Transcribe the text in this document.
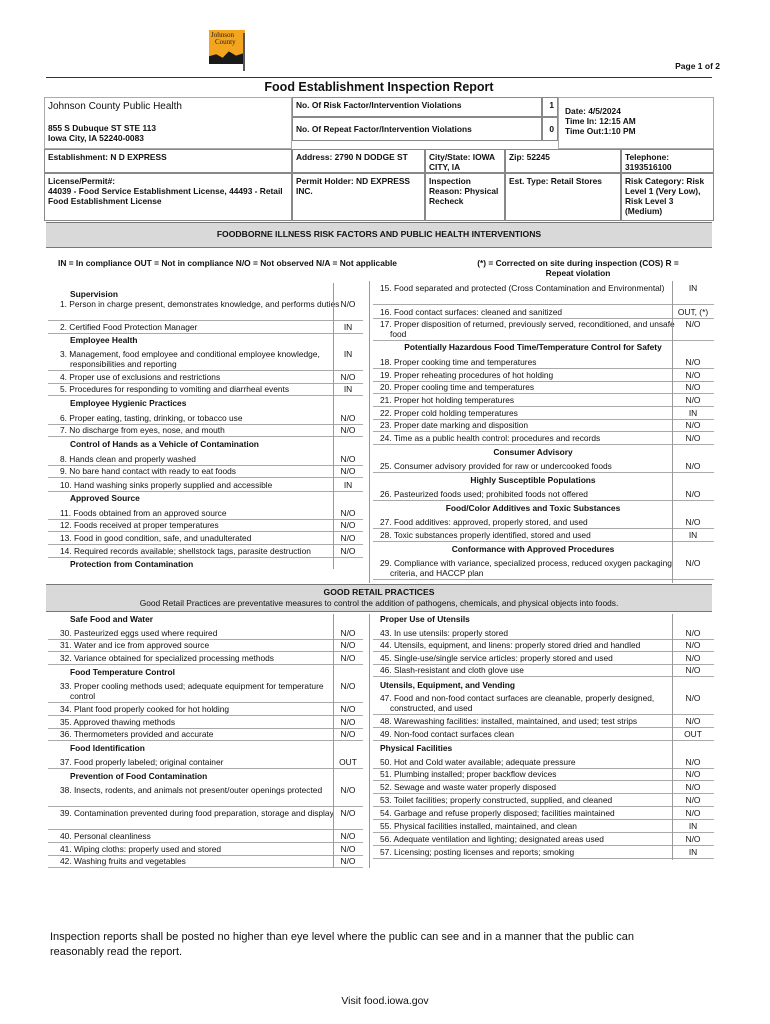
Johnson
County
Page 1 of 2
Food Establishment Inspection Report
Johnson County Public Health
855 S Dubuque ST STE 113
Iowa City, IA 52240-0083
No. Of Risk Factor/Intervention Violations	1
No. Of Repeat Factor/Intervention Violations	0
Date: 4/5/2024
Time In: 12:15 AM
Time Out:1:10 PM
Establishment: N D EXPRESS	Address: 2790 N DODGE ST	City/State: IOWA CITY, IA
Zip: 52245	Telephone: 3193516100
License/Permit#:
44039 - Food Service Establishment License, 44493 - Retail Food Establishment License
Permit Holder: ND EXPRESS INC.
Inspection Reason: Physical Recheck
Est. Type: Retail Stores	Risk Category: Risk Level 1 (Very Low), Risk Level 3 (Medium)
FOODBORNE ILLNESS RISK FACTORS AND PUBLIC HEALTH INTERVENTIONS
IN = In compliance OUT = Not in compliance N/O = Not observed N/A = Not applicable	(*) = Corrected on site during inspection (COS) R = Repeat violation
Supervision
1. Person in charge present, demonstrates knowledge, and performs duties N/O
2. Certified Food Protection Manager	IN
Employee Health
3. Management, food employee and conditional employee knowledge, responsibilities and reporting
IN
4. Proper use of exclusions and restrictions	N/O
5. Procedures for responding to vomiting and diarrheal events	IN
Employee Hygienic Practices
6. Proper eating, tasting, drinking, or tobacco use	N/O
7. No discharge from eyes, nose, and mouth	N/O
Control of Hands as a Vehicle of Contamination
8. Hands clean and properly washed	N/O
9. No bare hand contact with ready to eat foods	N/O
10. Hand washing sinks properly supplied and accessible	IN
Approved Source
11. Foods obtained from an approved source	N/O
12. Foods received at proper temperatures	N/O
13. Food in good condition, safe, and unadulterated	N/O
14. Required records available; shellstock tags, parasite destruction	N/O
Protection from Contamination
15. Food separated and protected (Cross Contamination and Environmental)	IN
16. Food contact surfaces: cleaned and sanitized	OUT, (*)
17. Proper disposition of returned, previously served, reconditioned, and unsafe food
N/O
Potentially Hazardous Food Time/Temperature Control for Safety
18. Proper cooking time and temperatures	N/O
19. Proper reheating procedures of hot holding	N/O
20. Proper cooling time and temperatures	N/O
21. Proper hot holding temperatures	N/O
22. Proper cold holding temperatures	IN
23. Proper date marking and disposition	N/O
24. Time as a public health control: procedures and records	N/O
Consumer Advisory
25. Consumer advisory provided for raw or undercooked foods	N/O
Highly Susceptible Populations
26. Pasteurized foods used; prohibited foods not offered	N/O
Food/Color Additives and Toxic Substances
27. Food additives: approved, properly stored, and used	N/O
28. Toxic substances properly identified, stored and used	IN
Conformance with Approved Procedures
29. Compliance with variance, specialized process, reduced oxygen packaging criteria, and HACCP plan
N/O
GOOD RETAIL PRACTICES
Good Retail Practices are preventative measures to control the addition of pathogens, chemicals, and physical objects into foods.
Safe Food and Water
30. Pasteurized eggs used where required	N/O
31. Water and ice from approved source	N/O
32. Variance obtained for specialized processing methods	N/O
Food Temperature Control
33. Proper cooling methods used; adequate equipment for temperature control
N/O
34. Plant food properly cooked for hot holding	N/O
35. Approved thawing methods	N/O
36. Thermometers provided and accurate	N/O
Food Identification
37. Food properly labeled; original container	OUT
Prevention of Food Contamination
38. Insects, rodents, and animals not present/outer openings protected	N/O
39. Contamination prevented during food preparation, storage and display N/O
40. Personal cleanliness	N/O
41. Wiping cloths: properly used and stored	N/O
42. Washing fruits and vegetables	N/O
Proper Use of Utensils
43. In use utensils: properly stored	N/O
44. Utensils, equipment, and linens: properly stored dried and handled	N/O
45. Single-use/single service articles: properly stored and used	N/O
46. Slash-resistant and cloth glove use	N/O
Utensils, Equipment, and Vending
47. Food and non-food contact surfaces are cleanable, properly designed, constructed, and used
N/O
48. Warewashing facilities: installed, maintained, and used; test strips	N/O
49. Non-food contact surfaces clean	OUT
Physical Facilities
50. Hot and Cold water available; adequate pressure	N/O
51. Plumbing installed; proper backflow devices	N/O
52. Sewage and waste water properly disposed	N/O
53. Toilet facilities; properly constructed, supplied, and cleaned	N/O
54. Garbage and refuse properly disposed; facilities maintained	N/O
55. Physical facilities installed, maintained, and clean	IN
56. Adequate ventilation and lighting; designated areas used	N/O
57. Licensing; posting licenses and reports; smoking	IN
Inspection reports shall be posted no higher than eye level where the public can see and in a manner that the public can reasonably read the report.
Visit food.iowa.gov
